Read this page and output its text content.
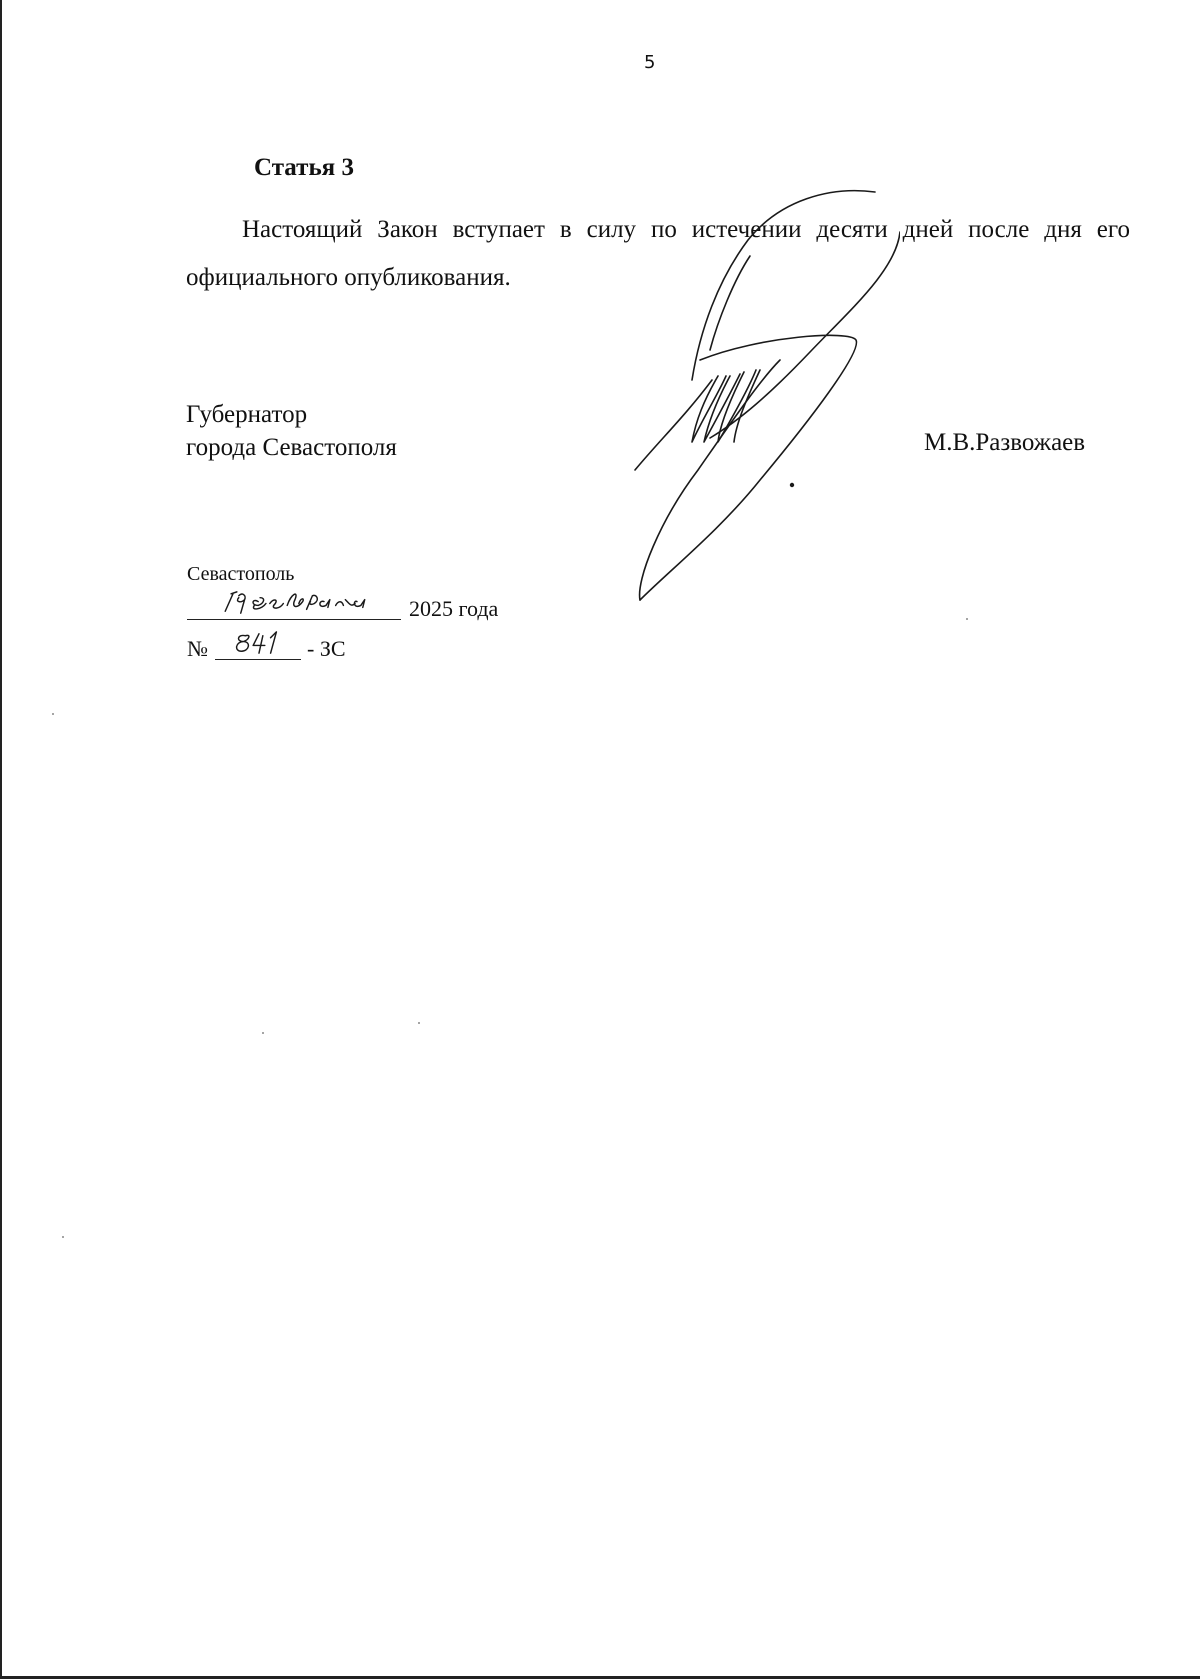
5
Статья 3

Настоящий Закон вступает в силу по истечении десяти дней после дня его официального опубликования.

Губернатор
города Севастополя	М.В.Развожаев
Севастополь
2025 года
№	- ЗС
